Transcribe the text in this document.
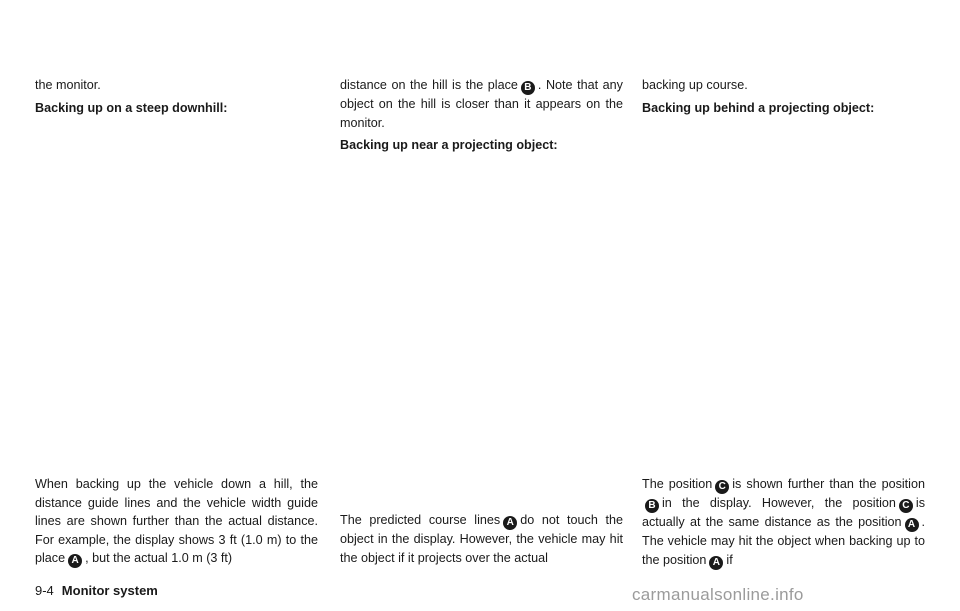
the monitor.

Backing up on a steep downhill:

When backing up the vehicle down a hill, the distance guide lines and the vehicle width guide lines are shown further than the actual distance. For example, the display shows 3 ft (1.0 m) to the place A , but the actual 1.0 m (3 ft)

distance on the hill is the place B . Note that any object on the hill is closer than it appears on the monitor.

Backing up near a projecting object:

The predicted course lines A do not touch the object in the display. However, the vehicle may hit the object if it projects over the actual

backing up course.

Backing up behind a projecting object:

The position C is shown further than the positionB in the display. However, the position C is actually at the same distance as the position A . The vehicle may hit the object when backing up to the position A if

9-4 Monitor system	carmanualsonline.info
